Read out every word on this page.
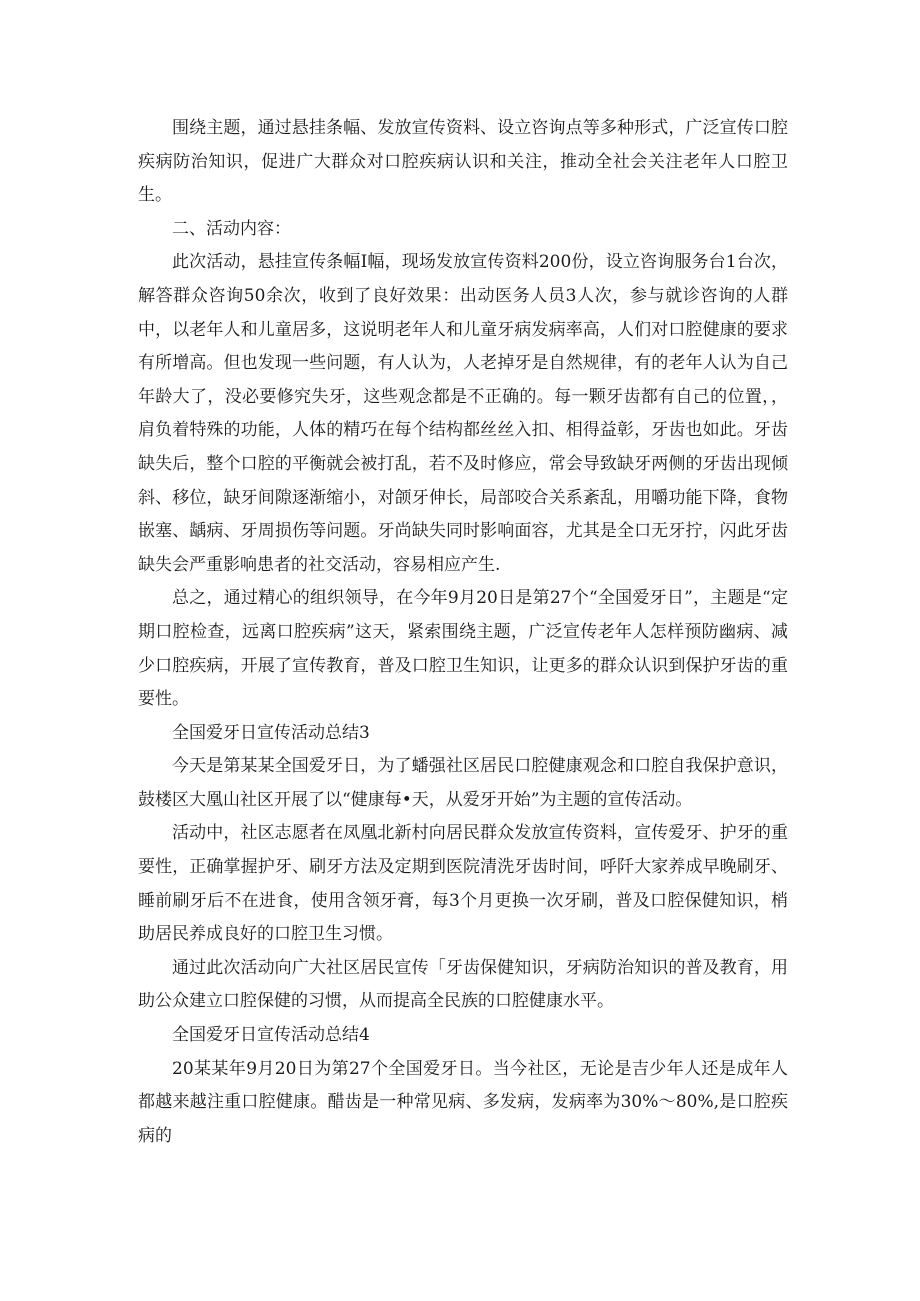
围绕主题，通过悬挂条幅、发放宣传资料、设立咨询点等多种形式，广泛宣传口腔疾病防治知识，促进广大群众对口腔疾病认识和关注，推动全社会关注老年人口腔卫生。

二、活动内容：

此次活动，悬挂宣传条幅I幅，现场发放宣传资料200份，设立咨询服务台1台次，解答群众咨询50余次，收到了良好效果：出动医务人员3人次，参与就诊咨询的人群中，以老年人和儿童居多，这说明老年人和儿童牙病发病率高，人们对口腔健康的要求有所增高。但也发现一些问题，有人认为，人老掉牙是自然规律，有的老年人认为自己年龄大了，没必要修究失牙，这些观念都是不正确的。每一颗牙齿都有自己的位置，，肩负着特殊的功能，人体的精巧在每个结构都丝丝入扣、相得益彰，牙齿也如此。牙齿缺失后，整个口腔的平衡就会被打乱，若不及时修应，常会导致缺牙两侧的牙齿出现倾斜、移位，缺牙间隙逐渐缩小，对颌牙伸长，局部咬合关系紊乱，用嚼功能下降，食物嵌塞、龋病、牙周损伤等问题。牙尚缺失同时影响面容，尤其是全口无牙拧，闪此牙齿缺失会严重影响患者的社交活动，容易相应产生.

总之，通过精心的组织领导，在今年9月20日是第27个“全国爱牙日”，主题是“定期口腔检查，远离口腔疾病”这天，紧索围绕主题，广泛宣传老年人怎样预防幽病、减少口腔疾病，开展了宣传教育，普及口腔卫生知识，让更多的群众认识到保护牙齿的重要性。

全国爱牙日宣传活动总结3

今天是第某某全国爱牙日，为了蟠强社区居民口腔健康观念和口腔自我保护意识，鼓楼区大凰山社区开展了以“健康每•天，从爱牙开始”为主题的宣传活动。

活动中，社区志愿者在凤凰北新村向居民群众发放宣传资料，宣传爱牙、护牙的重要性，正确掌握护牙、刷牙方法及定期到医院清洗牙齿时间，呼阡大家养成早晚刷牙、睡前刷牙后不在进食，使用含领牙膏，每3个月更换一次牙刷，普及口腔保健知识，梢助居民养成良好的口腔卫生习惯。

通过此次活动向广大社区居民宣传「牙齿保健知识，牙病防治知识的普及教育，用助公众建立口腔保健的习惯，从而提高全民族的口腔健康水平。

全国爱牙日宣传活动总结4

20某某年9月20日为第27个全国爱牙日。当今社区，无论是吉少年人还是成年人都越来越注重口腔健康。醋齿是一种常见病、多发病，发病率为30%〜80%,是口腔疾病的
